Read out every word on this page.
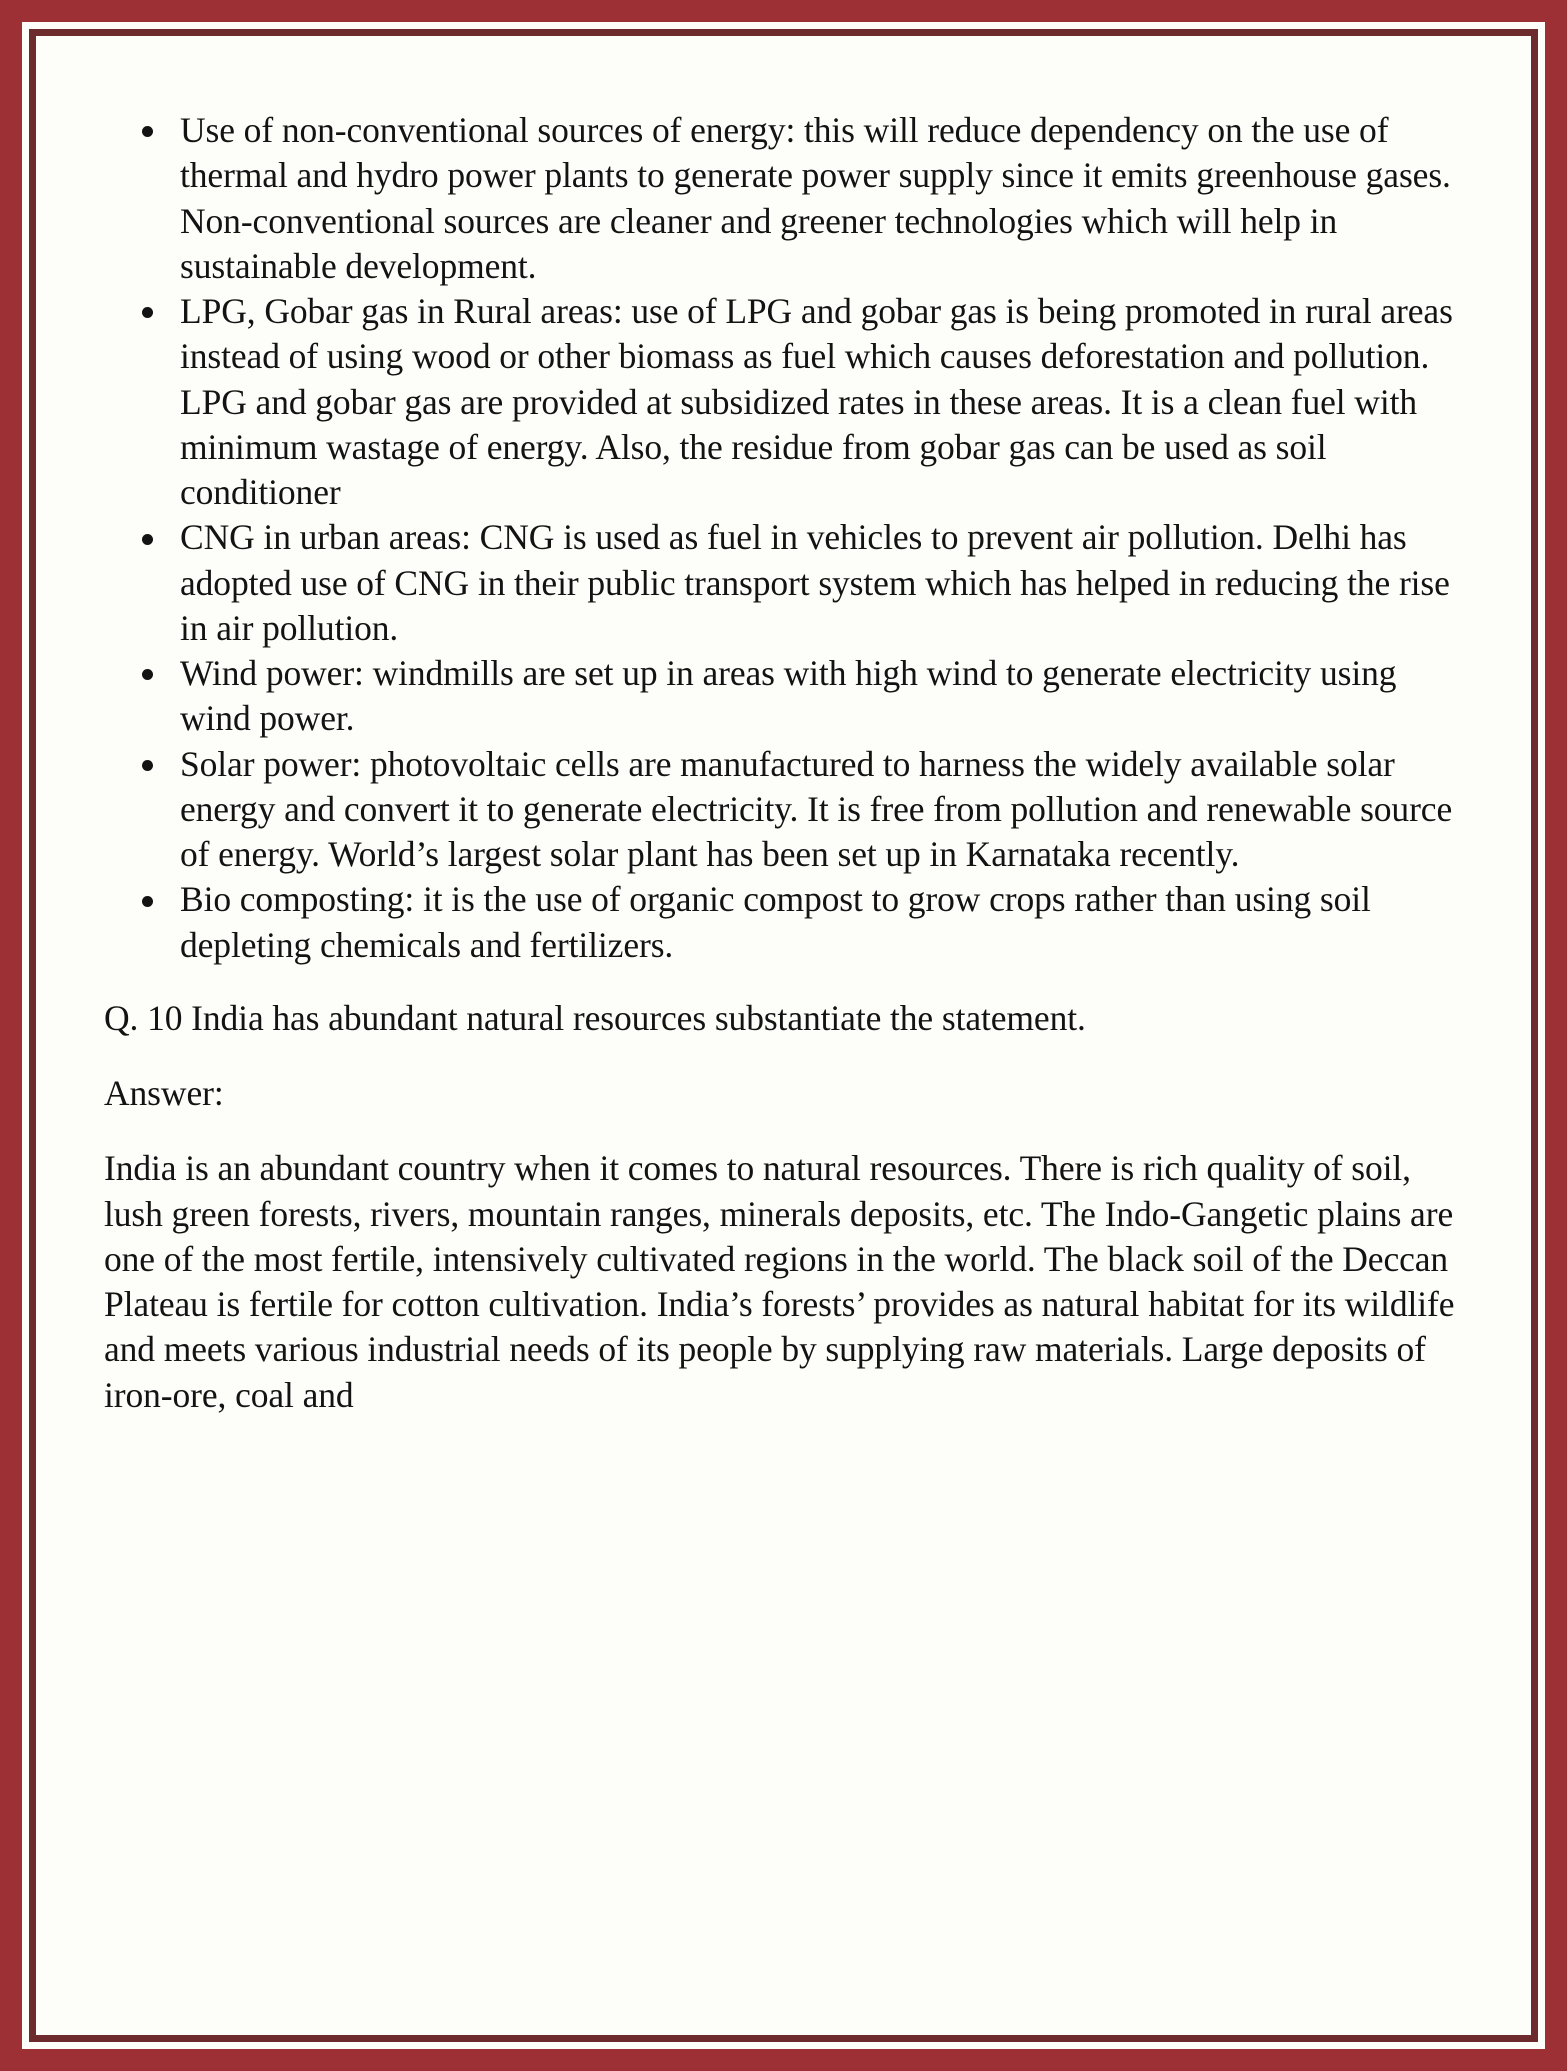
Use of non-conventional sources of energy: this will reduce dependency on the use of thermal and hydro power plants to generate power supply since it emits greenhouse gases. Non-conventional sources are cleaner and greener technologies which will help in sustainable development.
LPG, Gobar gas in Rural areas: use of LPG and gobar gas is being promoted in rural areas instead of using wood or other biomass as fuel which causes deforestation and pollution. LPG and gobar gas are provided at subsidized rates in these areas. It is a clean fuel with minimum wastage of energy. Also, the residue from gobar gas can be used as soil conditioner
CNG in urban areas: CNG is used as fuel in vehicles to prevent air pollution. Delhi has adopted use of CNG in their public transport system which has helped in reducing the rise in air pollution.
Wind power: windmills are set up in areas with high wind to generate electricity using wind power.
Solar power: photovoltaic cells are manufactured to harness the widely available solar energy and convert it to generate electricity. It is free from pollution and renewable source of energy. World’s largest solar plant has been set up in Karnataka recently.
Bio composting: it is the use of organic compost to grow crops rather than using soil depleting chemicals and fertilizers.

Q. 10 India has abundant natural resources substantiate the statement.

Answer:

India is an abundant country when it comes to natural resources. There is rich quality of soil, lush green forests, rivers, mountain ranges, minerals deposits, etc. The Indo-Gangetic plains are one of the most fertile, intensively cultivated regions in the world. The black soil of the Deccan Plateau is fertile for cotton cultivation. India’s forests’ provides as natural habitat for its wildlife and meets various industrial needs of its people by supplying raw materials. Large deposits of iron-ore, coal and
